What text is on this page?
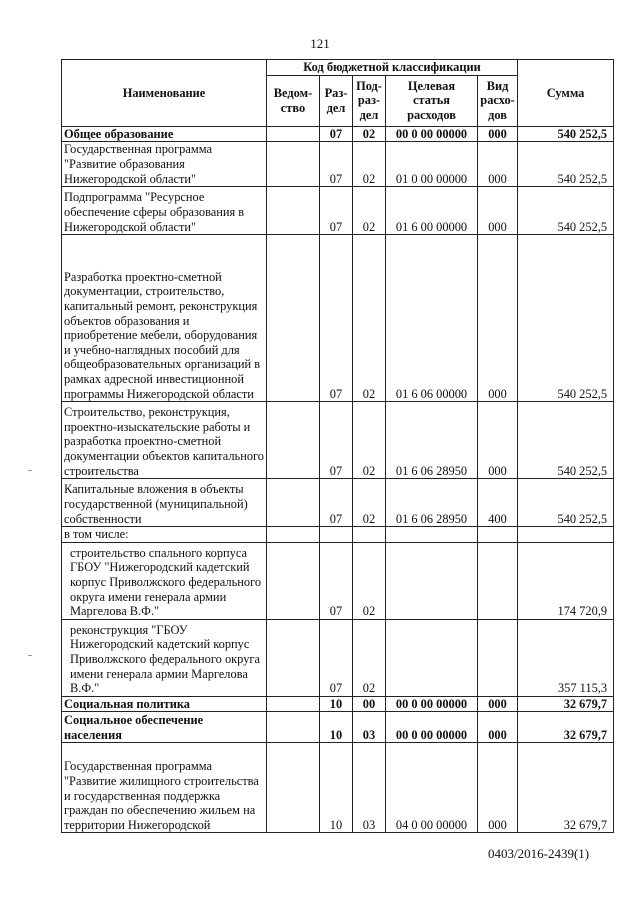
121
Наименование	Код бюджетной классификации					Сумма
	Ведом-ство	Раз-дел	Под-раз-дел	Целевая статья расходов	Вид расхо-дов	
Общее образование		07	02	00 0 00 00000	000	540 252,5
Государственная программа "Развитие образования Нижегородской области"		07	02	01 0 00 00000	000	540 252,5
Подпрограмма "Ресурсное обеспечение сферы образования в Нижегородской области"		07	02	01 6 00 00000	000	540 252,5
Разработка проектно-сметной документации, строительство, капитальный ремонт, реконструкция объектов образования и приобретение мебели, оборудования и учебно-наглядных пособий для общеобразовательных организаций в рамках адресной инвестиционной программы Нижегородской области		07	02	01 6 06 00000	000	540 252,5
Строительство, реконструкция, проектно-изыскательские работы и разработка проектно-сметной документации объектов капитального строительства		07	02	01 6 06 28950	000	540 252,5
Капитальные вложения в объекты государственной (муниципальной) собственности		07	02	01 6 06 28950	400	540 252,5
в том числе:						
строительство спального корпуса ГБОУ "Нижегородский кадетский корпус Приволжского федерального округа имени генерала армии Маргелова В.Ф."		07	02			174 720,9
реконструкция "ГБОУ Нижегородский кадетский корпус Приволжского федерального округа имени генерала армии Маргелова В.Ф."		07	02			357 115,3
Социальная политика		10	00	00 0 00 00000	000	32 679,7
Социальное обеспечение населения		10	03	00 0 00 00000	000	32 679,7
Государственная программа "Развитие жилищного строительства и государственная поддержка граждан по обеспечению жильем на территории Нижегородской		10	03	04 0 00 00000	000	32 679,7
0403/2016-2439(1)
